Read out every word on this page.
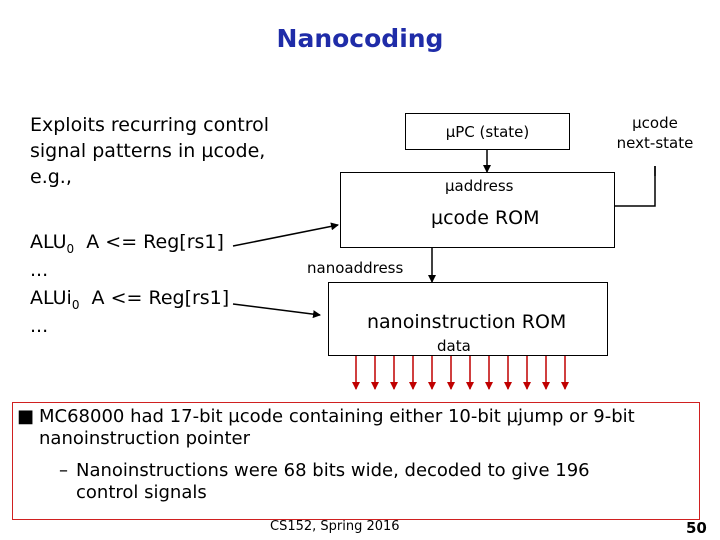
Nanocoding
Exploits recurring control
signal patterns in µcode,
e.g.,
$ALU_0$  A <= Reg[rs1]
...
ALUi$_0$  A <= Reg[rs1]
...
µPC (state)	µcode
next-state
µaddress
µcode ROM
nanoaddress
nanoinstruction ROM
data
■ MC68000 had 17-bit µcode containing either 10-bit µjump or 9-bit
nanoinstruction pointer
– Nanoinstructions were 68 bits wide, decoded to give 196
control signals
CS152, Spring 2016	50
